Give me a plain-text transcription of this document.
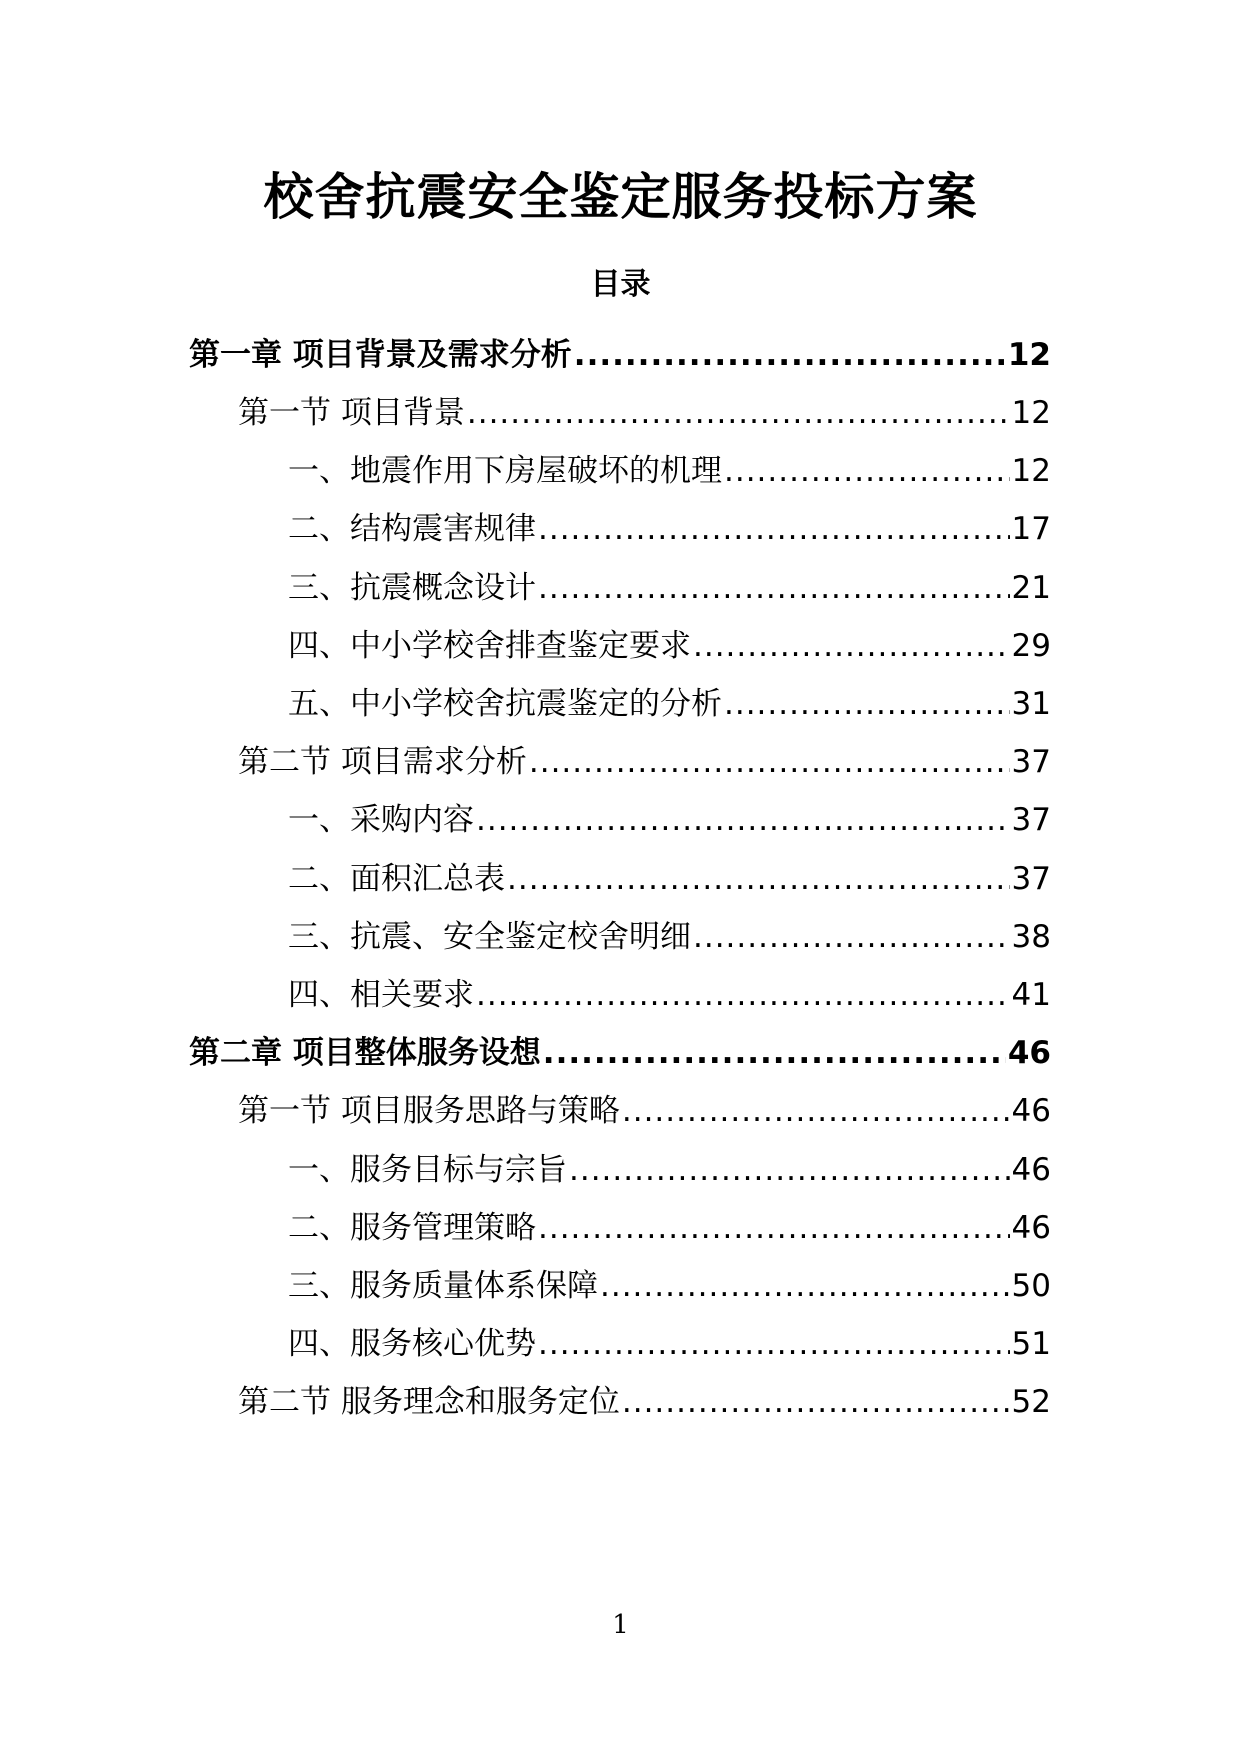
校舍抗震安全鉴定服务投标方案
目录
第一章 项目背景及需求分析 .....	12
第一节 项目背景 .....	12
一、地震作用下房屋破坏的机理 .....	12
二、结构震害规律 .....	17
三、抗震概念设计 .....	21
四、中小学校舍排查鉴定要求 .....	29
五、中小学校舍抗震鉴定的分析 .....	31
第二节 项目需求分析 .....	37
一、采购内容 .....	37
二、面积汇总表 .....	37
三、抗震、安全鉴定校舍明细 .....	38
四、相关要求 .....	41
第二章 项目整体服务设想 .....	46
第一节 项目服务思路与策略 .....	46
一、服务目标与宗旨 .....	46
二、服务管理策略 .....	46
三、服务质量体系保障 .....	50
四、服务核心优势 .....	51
第二节 服务理念和服务定位 .....	52
1
